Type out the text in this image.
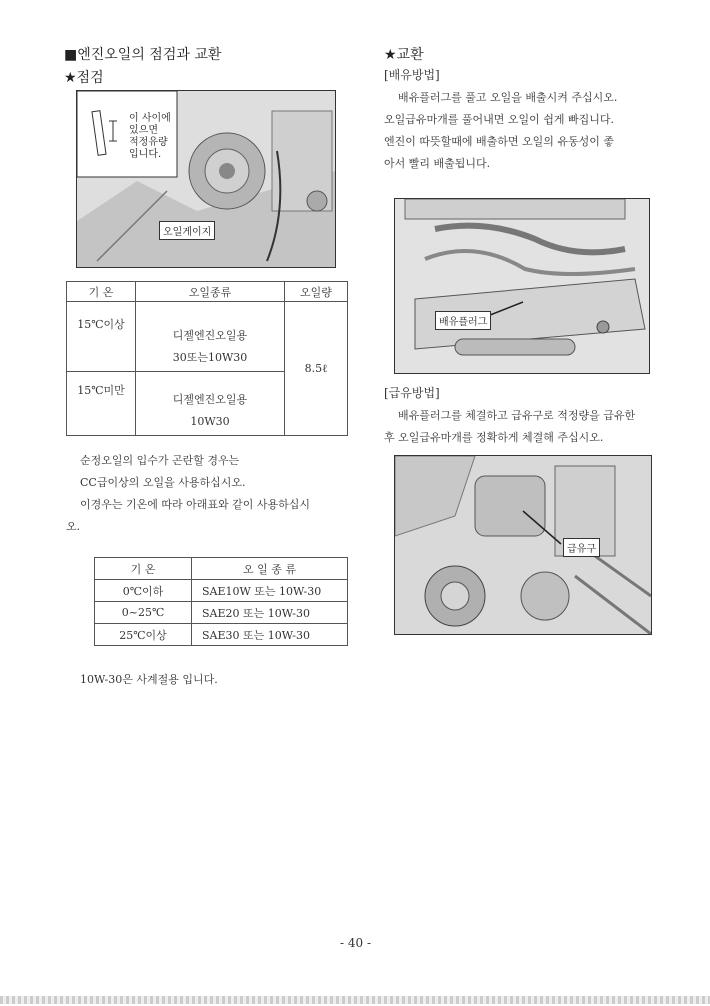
■엔진오일의 점검과 교환
★점검
이 사이에
있으면
적정유량
입니다.
오일게이지
기 온	오일종류	오일량
15℃이상	디젤엔진오일용
30또는10W30	8.5ℓ
15℃미만	디젤엔진오일용
10W30	
순정오일의 입수가 곤란할 경우는
CC급이상의 오일을 사용하십시오.
이경우는 기온에 따라 아래표와 같이 사용하십시
오.
기 온	오 일 종 류
0℃이하	SAE10W 또는 10W-30
0~25℃	SAE20 또는 10W-30
25℃이상	SAE30 또는 10W-30
10W-30은 사계절용 입니다.
★교환
[배유방법]
배유플러그를 풀고 오일을 배출시켜 주십시오.
오일급유마개를 풀어내면 오일이 쉽게 빠집니다.
엔진이 따뜻할때에 배출하면 오일의 유동성이 좋
아서 빨리 배출됩니다.
배유플러그
[급유방법]
배유플러그를 체결하고 급유구로 적정량을 급유한
후 오일급유마개를 정확하게 체결해 주십시오.
급유구
- 40 -
